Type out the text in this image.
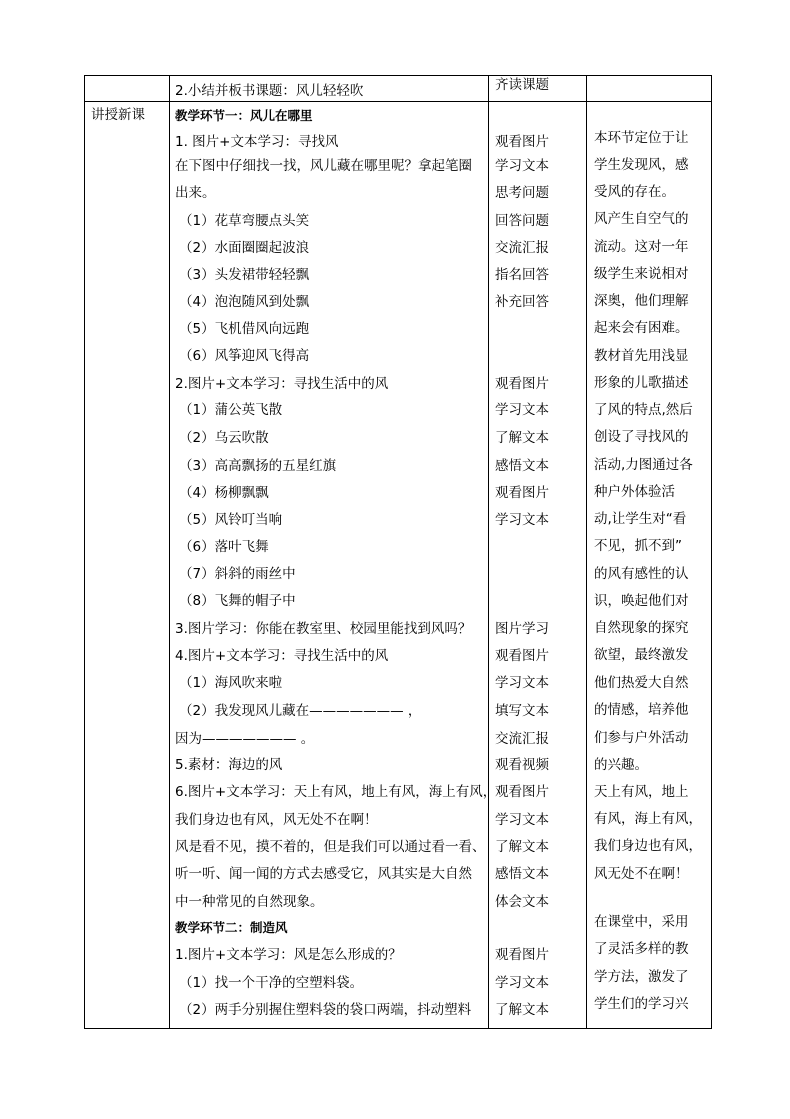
2.小结并板书课题：风儿轻轻吹	齐读课题
讲授新课 教学环节一：风儿在哪里
1. 图片+文本学习：寻找风
在下图中仔细找一找，风儿藏在哪里呢？拿起笔圈
出来。
（1）花草弯腰点头笑
（2）水面圈圈起波浪
（3）头发裙带轻轻飘
（4）泡泡随风到处飘
（5）飞机借风向远跑
（6）风筝迎风飞得高
2.图片+文本学习：寻找生活中的风
（1）蒲公英飞散
（2）乌云吹散
（3）高高飘扬的五星红旗
（4）杨柳飘飘
（5）风铃叮当响
（6）落叶飞舞
（7）斜斜的雨丝中
（8）飞舞的帽子中
3.图片学习：你能在教室里、校园里能找到风吗？
4.图片+文本学习：寻找生活中的风
（1）海风吹来啦
（2）我发现风儿藏在——————— ，
因为——————— 。
5.素材：海边的风
6.图片+文本学习：天上有风，地上有风，海上有风，
我们身边也有风，风无处不在啊！
风是看不见，摸不着的，但是我们可以通过看一看、
听一听、闻一闻的方式去感受它，风其实是大自然
中一种常见的自然现象。
教学环节二：制造风
1.图片+文本学习：风是怎么形成的？
（1）找一个干净的空塑料袋。
（2）两手分别握住塑料袋的袋口两端，抖动塑料
观看图片
学习文本
思考问题
回答问题
交流汇报
指名回答
补充回答
观看图片
学习文本
了解文本
感悟文本
观看图片
学习文本
图片学习
观看图片
学习文本
填写文本
交流汇报
观看视频
观看图片
学习文本
了解文本
感悟文本
体会文本
观看图片
学习文本
了解文本
本环节定位于让
学生发现风，感
受风的存在。
风产生自空气的
流动。这对一年
级学生来说相对
深奥，他们理解
起来会有困难。
教材首先用浅显
形象的儿歌描述
了风的特点,然后
创设了寻找风的
活动,力图通过各
种户外体验活
动,让学生对“看
不见，抓不到”
的风有感性的认
识，唤起他们对
自然现象的探究
欲望，最终激发
他们热爱大自然
的情感，培养他
们参与户外活动
的兴趣。
天上有风，地上
有风，海上有风，
我们身边也有风，
风无处不在啊！
在课堂中，采用
了灵活多样的教
学方法，激发了
学生们的学习兴
